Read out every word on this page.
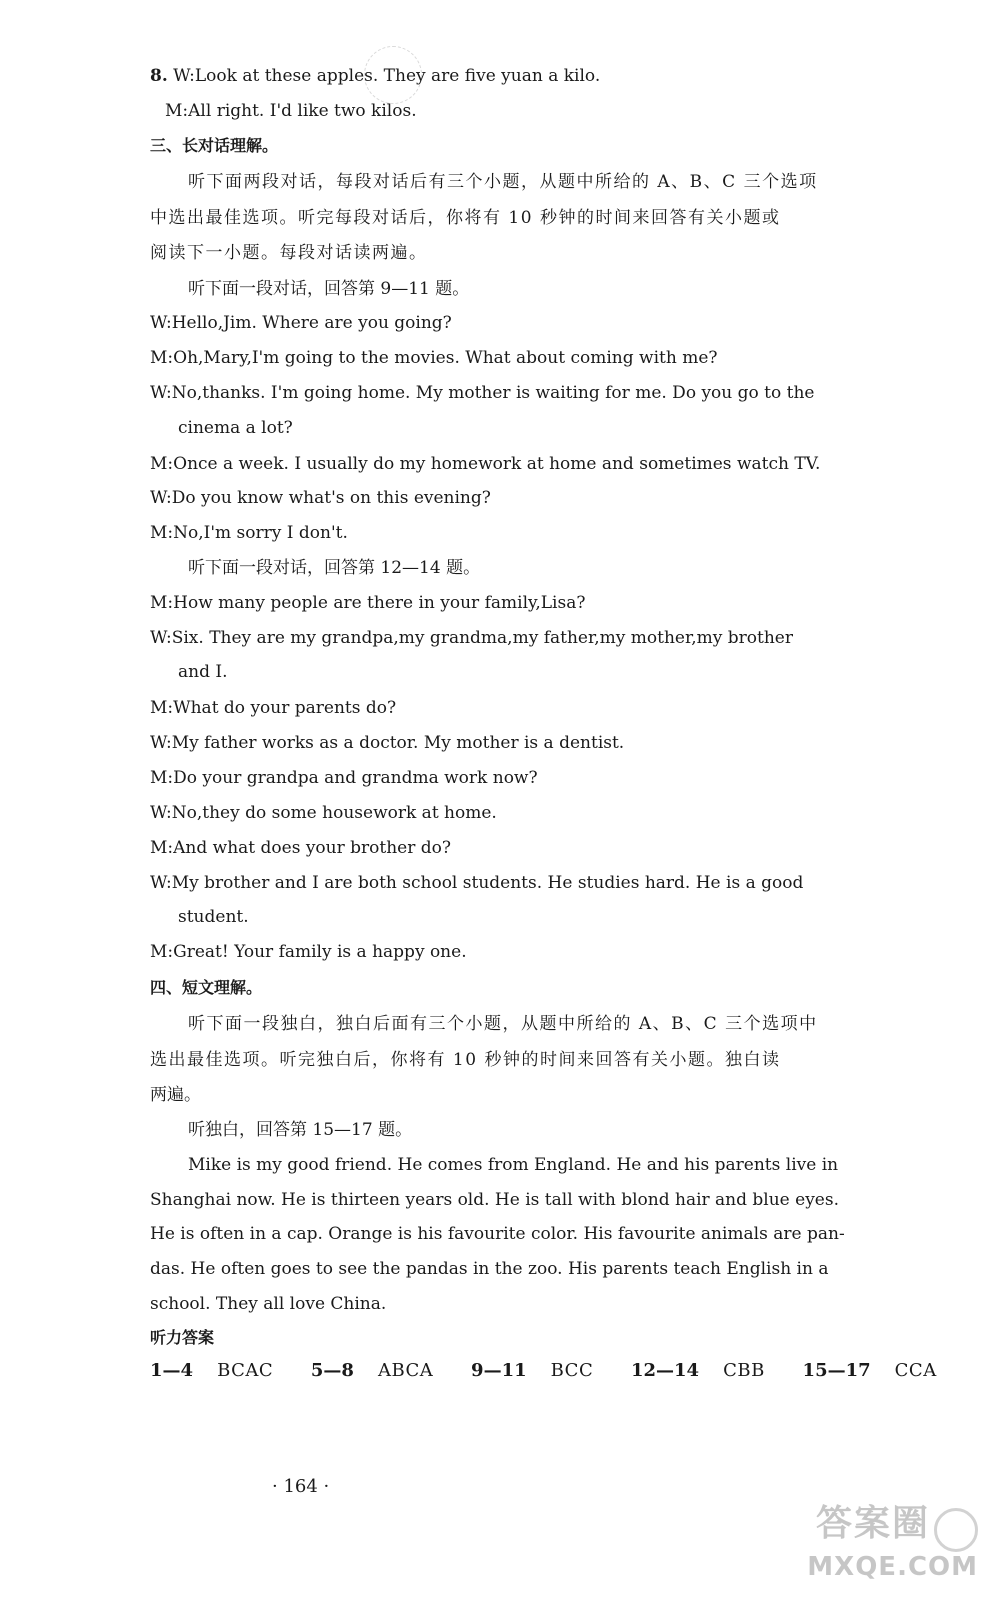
8. W:Look at these apples. They are five yuan a kilo.
M:All right. I'd like two kilos.
三、长对话理解。
听下面两段对话，每段对话后有三个小题，从题中所给的 A、B、C 三个选项
中选出最佳选项。听完每段对话后，你将有 10 秒钟的时间来回答有关小题或
阅读下一小题。每段对话读两遍。
听下面一段对话，回答第 9—11 题。
W:Hello,Jim. Where are you going?
M:Oh,Mary,I'm going to the movies. What about coming with me?
W:No,thanks. I'm going home. My mother is waiting for me. Do you go to the
cinema a lot?
M:Once a week. I usually do my homework at home and sometimes watch TV.
W:Do you know what's on this evening?
M:No,I'm sorry I don't.
听下面一段对话，回答第 12—14 题。
M:How many people are there in your family,Lisa?
W:Six. They are my grandpa,my grandma,my father,my mother,my brother
and I.
M:What do your parents do?
W:My father works as a doctor. My mother is a dentist.
M:Do your grandpa and grandma work now?
W:No,they do some housework at home.
M:And what does your brother do?
W:My brother and I are both school students. He studies hard. He is a good
student.
M:Great! Your family is a happy one.
四、短文理解。
听下面一段独白，独白后面有三个小题，从题中所给的 A、B、C 三个选项中
选出最佳选项。听完独白后，你将有 10 秒钟的时间来回答有关小题。独白读
两遍。
听独白，回答第 15—17 题。
Mike is my good friend. He comes from England. He and his parents live in
Shanghai now. He is thirteen years old. He is tall with blond hair and blue eyes.
He is often in a cap. Orange is his favourite color. His favourite animals are pan-
das. He often goes to see the pandas in the zoo. His parents teach English in a
school. They all love China.
听力答案
1—4 BCAC 5—8 ABCA 9—11 BCC 12—14 CBB 15—17 CCA
· 164 ·
答案圈
MXQE.COM
